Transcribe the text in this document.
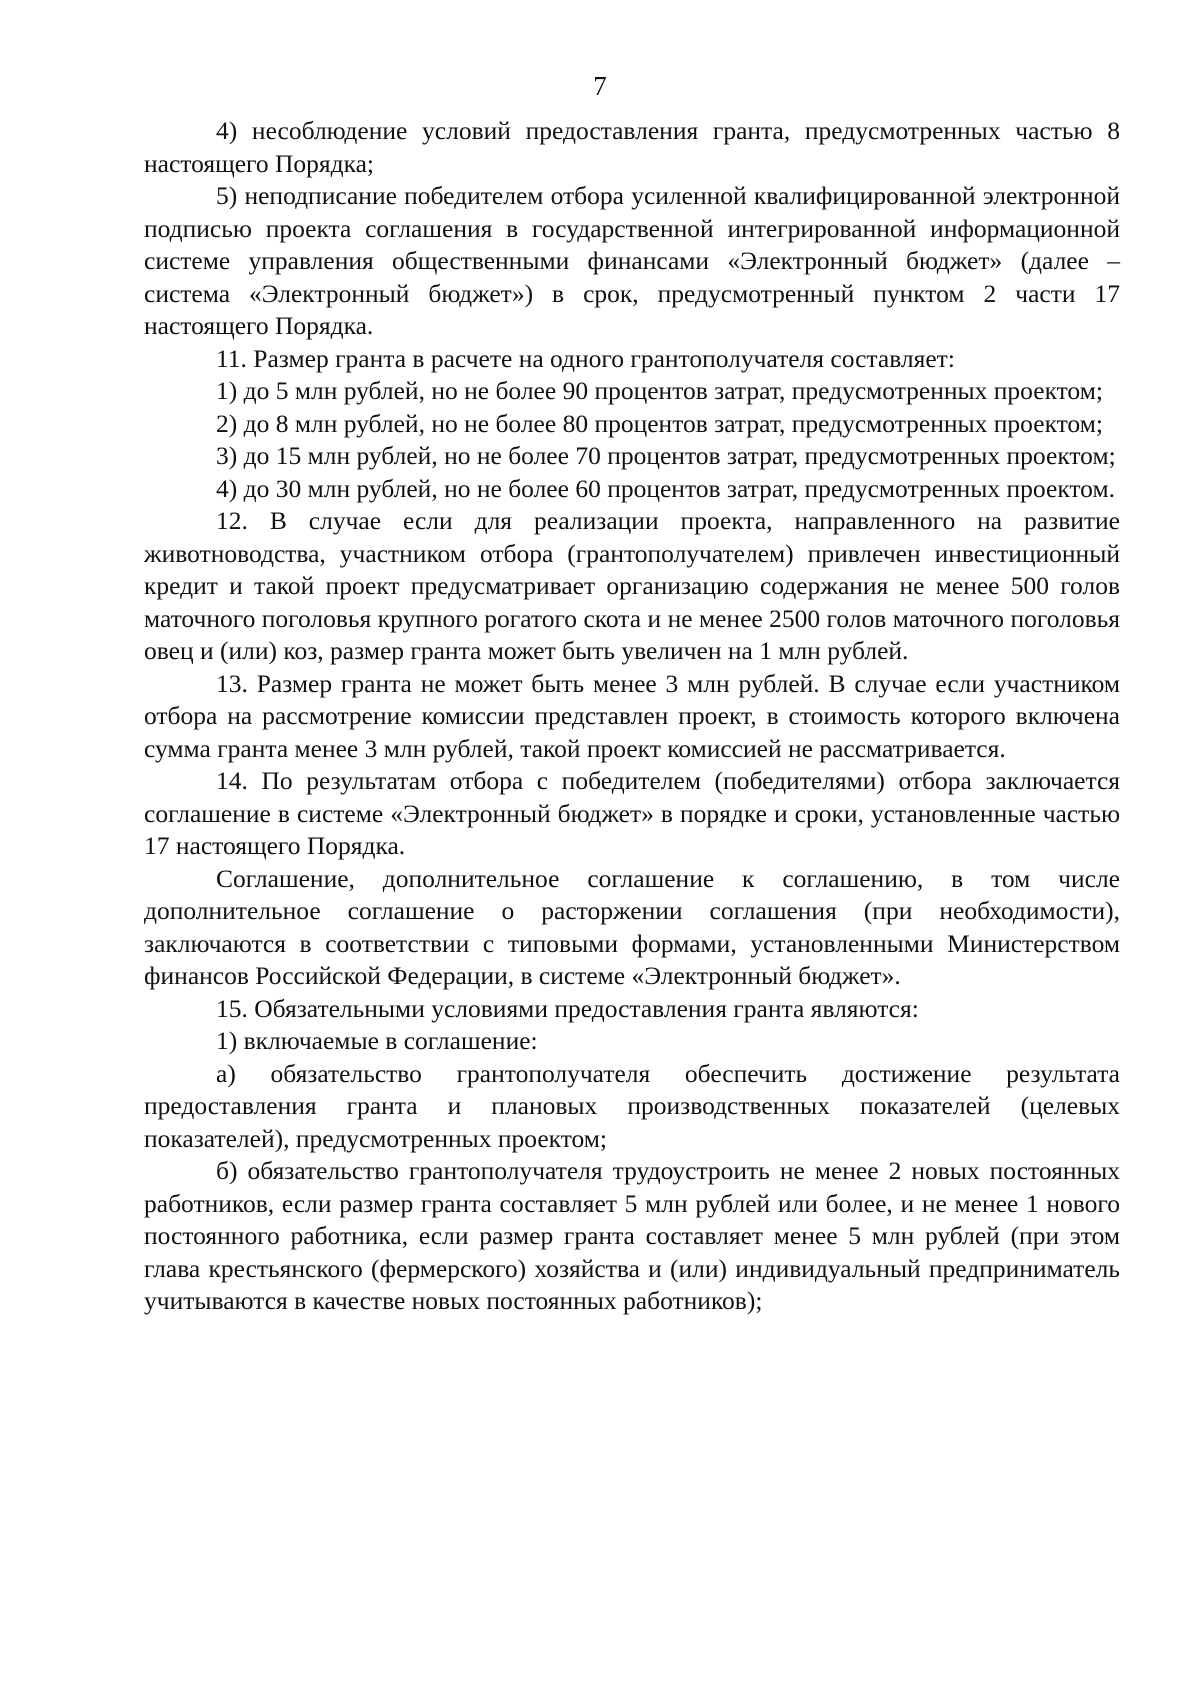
7

4) несоблюдение условий предоставления гранта, предусмотренных частью 8 настоящего Порядка;

5) неподписание победителем отбора усиленной квалифицированной электронной подписью проекта соглашения в государственной интегрированной информационной системе управления общественными финансами «Электронный бюджет» (далее – система «Электронный бюджет») в срок, предусмотренный пунктом 2 части 17 настоящего Порядка.

11. Размер гранта в расчете на одного грантополучателя составляет:

1) до 5 млн рублей, но не более 90 процентов затрат, предусмотренных проектом;

2) до 8 млн рублей, но не более 80 процентов затрат, предусмотренных проектом;

3) до 15 млн рублей, но не более 70 процентов затрат, предусмотренных проектом;

4) до 30 млн рублей, но не более 60 процентов затрат, предусмотренных проектом.

12. В случае если для реализации проекта, направленного на развитие животноводства, участником отбора (грантополучателем) привлечен инвестиционный кредит и такой проект предусматривает организацию содержания не менее 500 голов маточного поголовья крупного рогатого скота и не менее 2500 голов маточного поголовья овец и (или) коз, размер гранта может быть увеличен на 1 млн рублей.

13. Размер гранта не может быть менее 3 млн рублей. В случае если участником отбора на рассмотрение комиссии представлен проект, в стоимость которого включена сумма гранта менее 3 млн рублей, такой проект комиссией не рассматривается.

14. По результатам отбора с победителем (победителями) отбора заключается соглашение в системе «Электронный бюджет» в порядке и сроки, установленные частью 17 настоящего Порядка.

Соглашение, дополнительное соглашение к соглашению, в том числе дополнительное соглашение о расторжении соглашения (при необходимости), заключаются в соответствии с типовыми формами, установленными Министерством финансов Российской Федерации, в системе «Электронный бюджет».

15. Обязательными условиями предоставления гранта являются:

1) включаемые в соглашение:

а) обязательство грантополучателя обеспечить достижение результата предоставления гранта и плановых производственных показателей (целевых показателей), предусмотренных проектом;

б) обязательство грантополучателя трудоустроить не менее 2 новых постоянных работников, если размер гранта составляет 5 млн рублей или более, и не менее 1 нового постоянного работника, если размер гранта составляет менее 5 млн рублей (при этом глава крестьянского (фермерского) хозяйства и (или) индивидуальный предприниматель учитываются в качестве новых постоянных работников);
